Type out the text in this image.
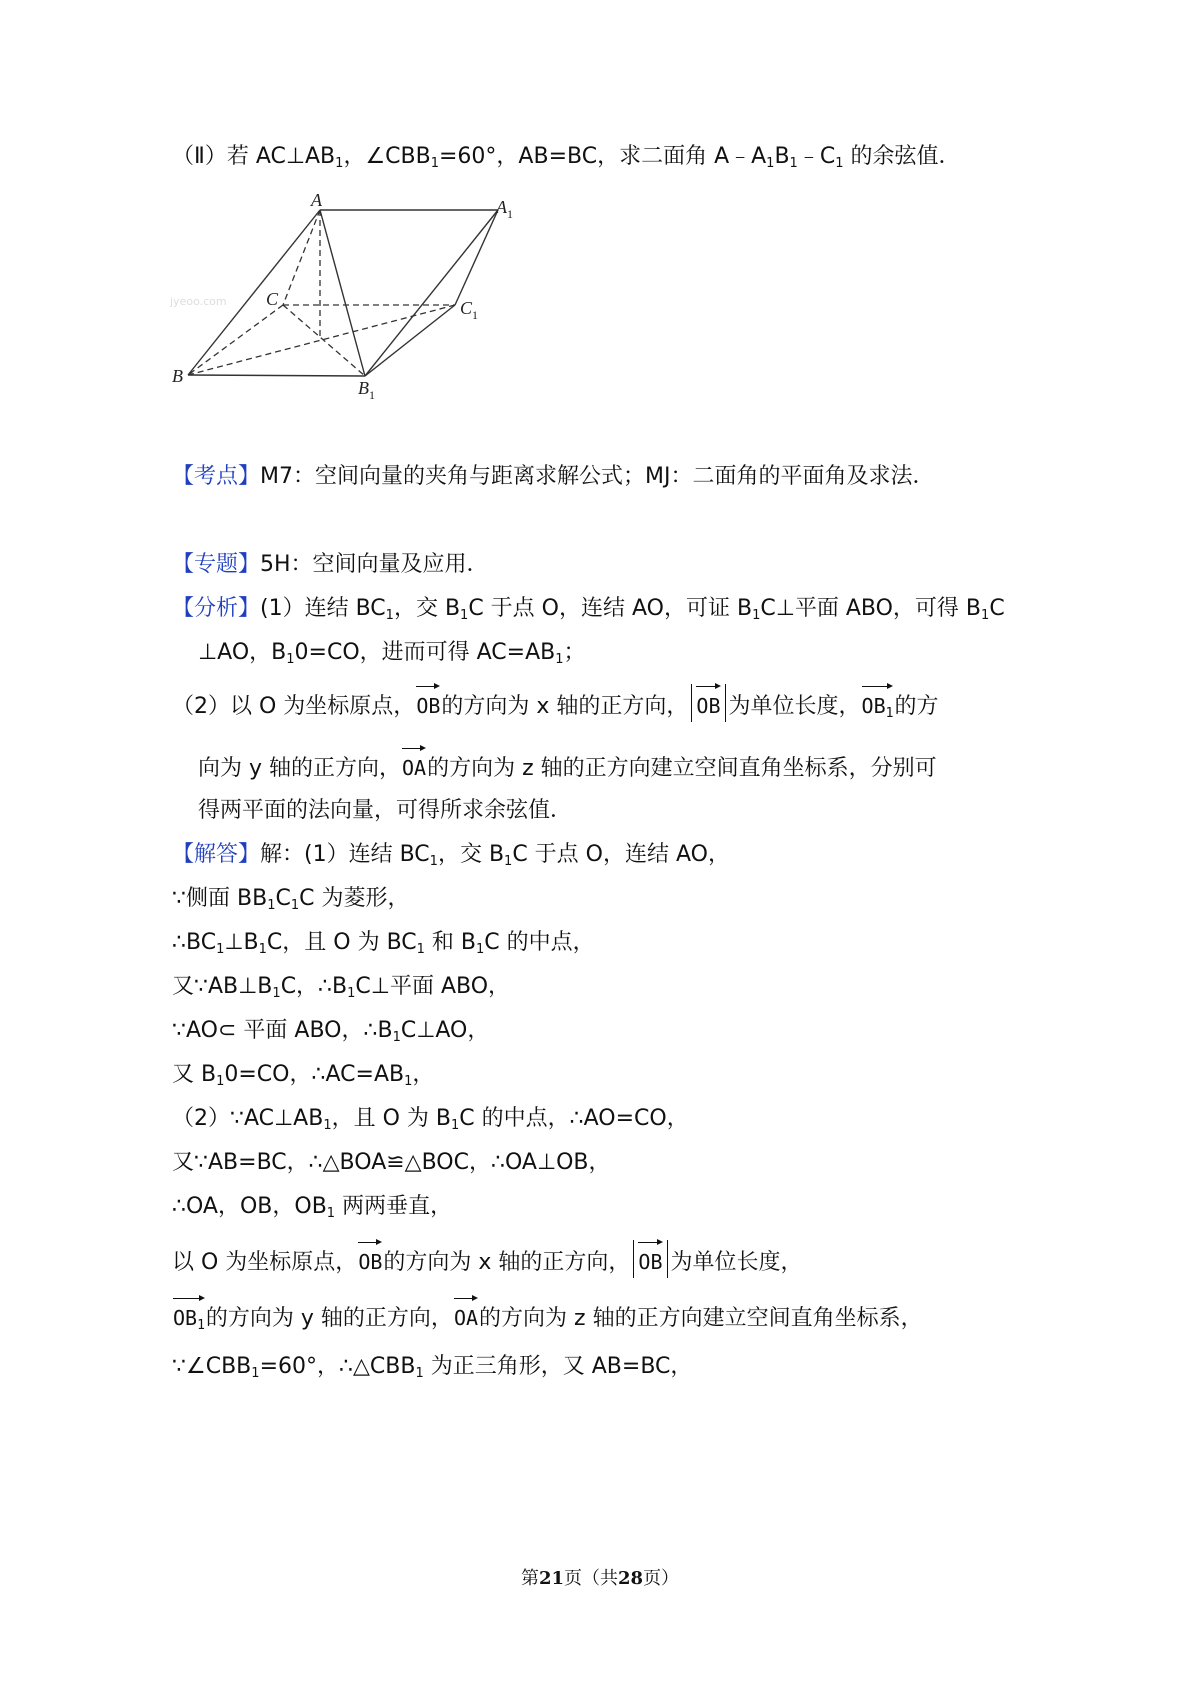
（Ⅱ）若 $AC\perp AB_1$，$\angle CBB_1=60^\circ$，AB=BC，求二面角 $A﹣A_1B_1﹣C_1$ 的余弦值．
A	$A_1$
C	$C_1$
B
$B_1$
jyeoo.com
【考点】M7：空间向量的夹角与距离求解公式；MJ：二面角的平面角及求法．
【专题】5H：空间向量及应用．
【分析】(1）连结 $BC_1$，交 $B_1C$ 于点 O，连结 AO，可证 $B_1C\perp$平面 ABO，可得 $B_1C$
⊥AO，$B_10=CO$，进而可得 $AC=AB_1$；
（2）以 O 为坐标原点，OB的方向为 x 轴的正方向， OB 为单位长度，$OB_1$的方
向为 y 轴的正方向，OA的方向为 z 轴的正方向建立空间直角坐标系，分别可
得两平面的法向量，可得所求余弦值．
【解答】解：(1）连结 $BC_1$，交 $B_1C$ 于点 O，连结 AO，
∵侧面 $BB_1C_1C$ 为菱形，
$\therefore BC_1\perp B_1C$，且 O 为 $BC_1$ 和 $B_1C$ 的中点，
又$\because AB\perp B_1C$，$\therefore B_1C\perp$平面 ABO，
∵AO⊂ 平面 ABO，$\therefore B_1C\perp AO$，
又 $B_10=CO$，$\therefore AC=AB_1$，
$(2)\because AC\perp AB_1$，且 O 为 $B_1C$ 的中点，∴AO=CO，
又∵AB=BC，∴△BOA≌△BOC，∴OA⊥OB，
∴OA，OB，$OB_1$ 两两垂直，
以 O 为坐标原点，OB的方向为 x 轴的正方向， OB 为单位长度，
$OB_1$的方向为 y 轴的正方向，OA的方向为 z 轴的正方向建立空间直角坐标系，
$\because\angle CBB_1=60^\circ$，$\therefore\triangle CBB_1$ 为正三角形，又 AB=BC，
第21页（共28页）
